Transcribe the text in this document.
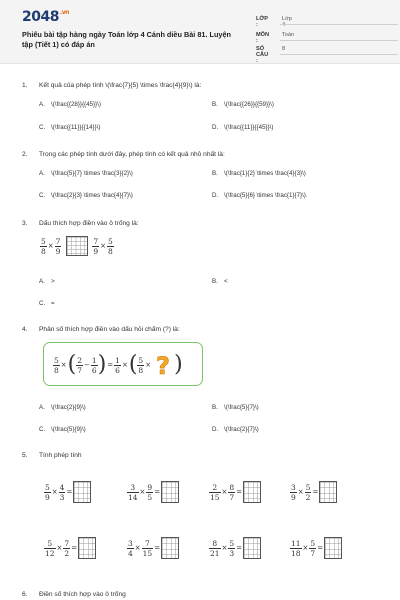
$2048^{.vn}$
Phiếu bài tập hàng ngày Toán lớp 4 Cánh diều Bài 81. Luyện tập (Tiết 1) có đáp án
LỚP :
Lớp 4
MÔN :
Toán
SỐ CÂU :
8
1. Kết quả của phép tính \(\frac{7}{5} \times \frac{4}{9}\) là:
A. \(\frac{{28}}{{45}}\)	B. \(\frac{{26}}{{59}}\)
C. \(\frac{{11}}{{14}}\)	D. \(\frac{{11}}{{45}}\)
2. Trong các phép tính dưới đây, phép tính có kết quả nhỏ nhất là:
A. \(\frac{5}{7} \times \frac{3}{2}\)	B. \(\frac{1}{2} \times \frac{4}{3}\)
C. \(\frac{2}{3} \times \frac{4}{7}\)	D. \(\frac{5}{6} \times \frac{1}{7}\).
3. Dấu thích hợp điền vào ô trống là:
$\frac{5}{8} \times \frac{7}{9}$
	$\frac{7}{9} \times \frac{5}{8}$
A. >	B. <
C. =
4. Phân số thích hợp điền vào dấu hỏi chấm (?) là:
$\frac{5}{8}$ ×( $\frac{2}{7} - \frac{1}{6}$ )= $\frac{1}{6}$ ×( $\frac{5}{8}$ × ? )
A. \(\frac{2}{9}\)	B. \(\frac{5}{7}\)
C. \(\frac{5}{9}\)	D. \(\frac{2}{7}\)
5. Tính phép tính
$\frac{5}{9} \times \frac{4}{3}$ =	$\frac{3}{14} \times \frac{9}{5}$ =	$\frac{2}{15} \times \frac{8}{7}$ =	$\frac{3}{9} \times \frac{5}{2}$ =
$\frac{5}{12} \times \frac{7}{2}$ =	$\frac{3}{4} \times \frac{7}{15}$ =	$\frac{8}{21} \times \frac{5}{3}$ =	$\frac{11}{18} \times \frac{5}{7}$ =
6. Điền số thích hợp vào ô trống
